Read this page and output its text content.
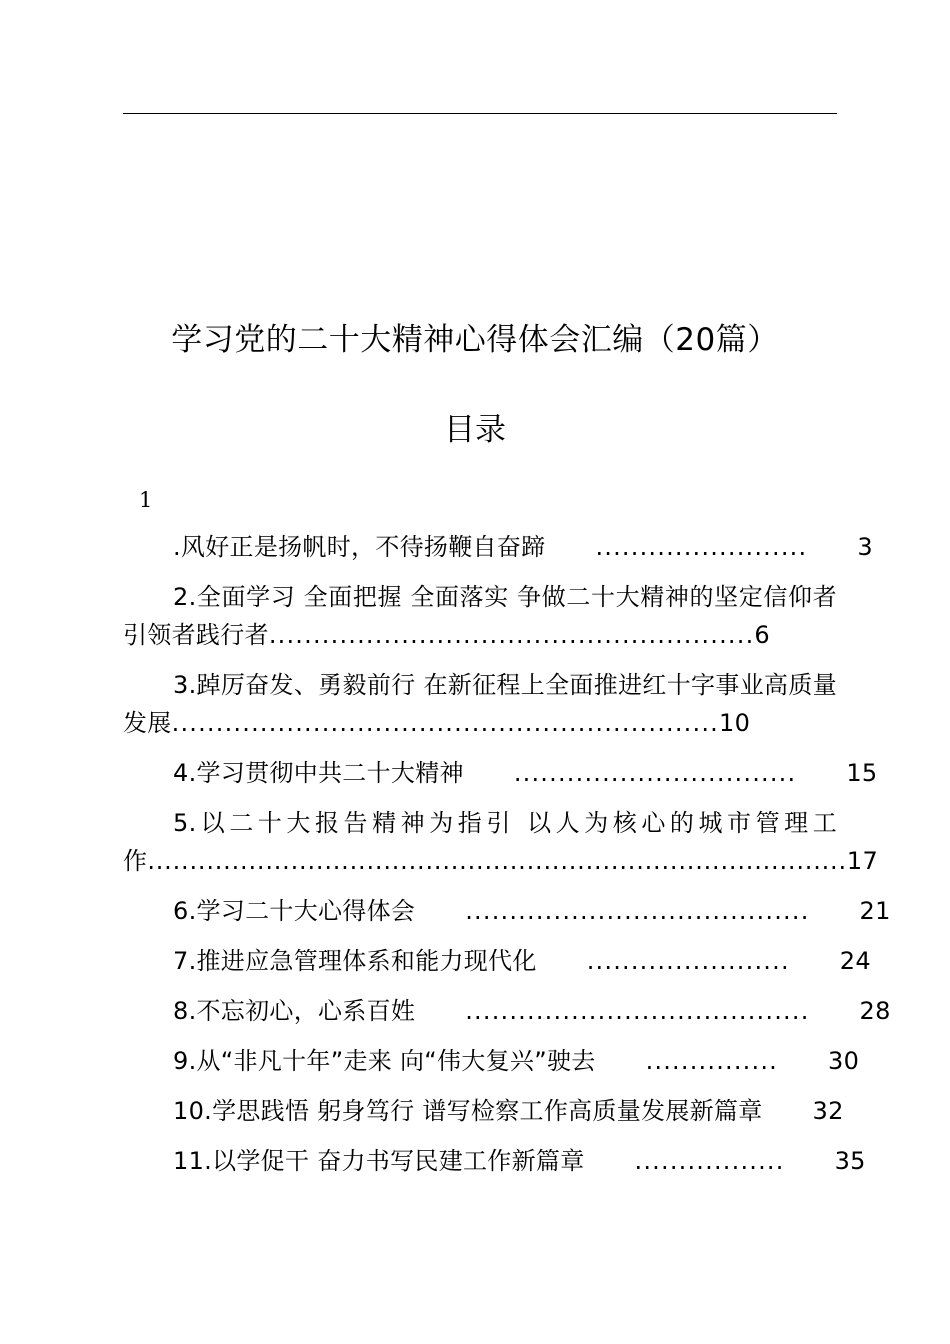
学习党的二十大精神心得体会汇编（20篇）
目录
1
.风好正是扬帆时，不待扬鞭自奋蹄	........................	3
2.全面学习 全面把握 全面落实 争做二十大精神的坚定信仰者引领者践行者.......................................................6
3.踔厉奋发、勇毅前行 在新征程上全面推进红十字事业高质量发展..............................................................10
4.学习贯彻中共二十大精神	................................	15
5.以二十大报告精神为指引 以人为核心的城市管理工作...................................................................................17
6.学习二十大心得体会	.......................................	21
7.推进应急管理体系和能力现代化	.......................	24
8.不忘初心，心系百姓	.......................................	28
9.从“非凡十年”走来 向“伟大复兴”驶去	...............	30
10.学思践悟 躬身笃行 谱写检察工作高质量发展新篇章	32
11.以学促干 奋力书写民建工作新篇章	.................	35
